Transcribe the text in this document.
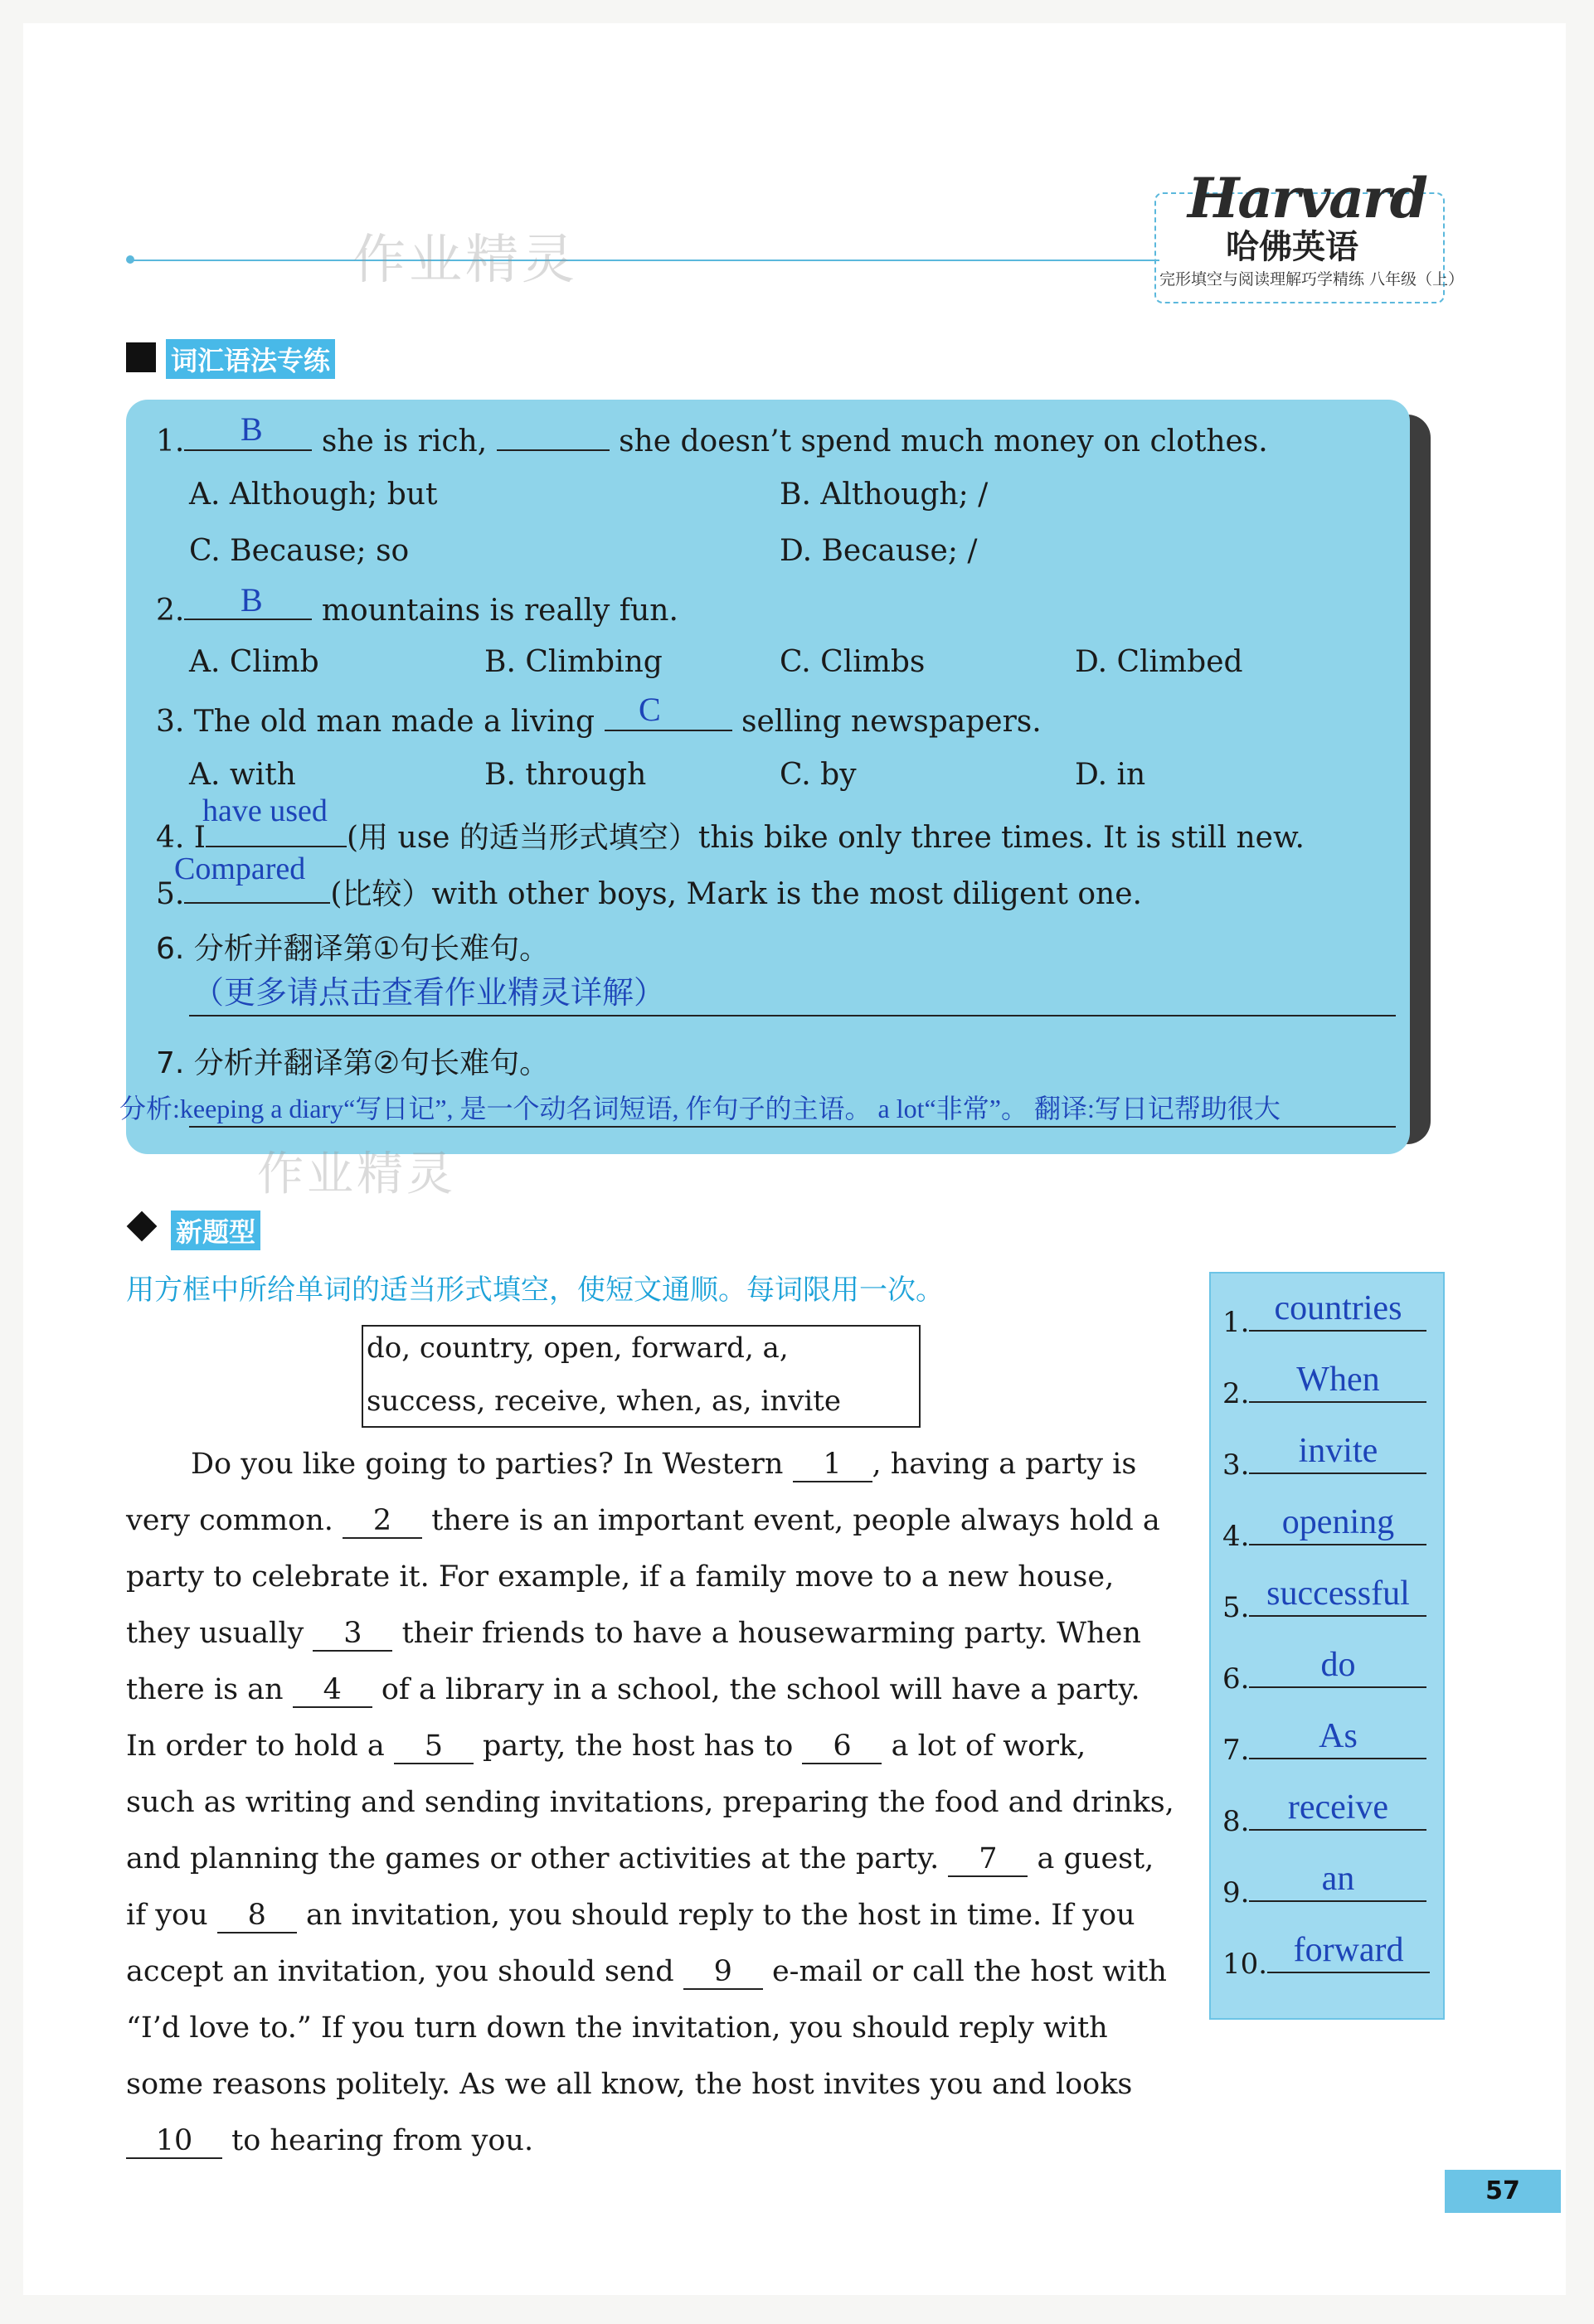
作业精灵
Harvard
哈佛英语
完形填空与阅读理解巧学精练 八年级（上）
词汇语法专练
1.	she is rich,	she doesn’t spend much money on clothes.
B
A. Although; but	B. Although; /
C. Because; so	D. Because; /
2.	mountains is really fun.
B
A. Climb	B. Climbing	C. Climbs	D. Climbed
3. The old man made a living	selling newspapers.
C
A. with	B. through	C. by	D. in
4. I	(用 use 的适当形式填空）this bike only three times. It is still new.
have used
5.	(比较）with other boys, Mark is the most diligent one.
Compared
6. 分析并翻译第①句长难句。
（更多请点击查看作业精灵详解）
7. 分析并翻译第②句长难句。
分析:keeping a diary“写日记”, 是一个动名词短语, 作句子的主语。 a lot“非常”。 翻译:写日记帮助很大
作业精灵
新题型
用方框中所给单词的适当形式填空，使短文通顺。每词限用一次。
do, country, open, forward, a,
success, receive, when, as, invite
Do you like going to parties? In Western 1 , having a party is
very common. 2 there is an important event, people always hold a
party to celebrate it. For example, if a family move to a new house,
they usually 3 their friends to have a housewarming party. When
there is an 4 of a library in a school, the school will have a party.
In order to hold a 5 party, the host has to 6 a lot of work,
such as writing and sending invitations, preparing the food and drinks,
and planning the games or other activities at the party. 7 a guest,
if you 8 an invitation, you should reply to the host in time. If you
accept an invitation, you should send 9 e-mail or call the host with
“I’d love to.” If you turn down the invitation, you should reply with
some reasons politely. As we all know, the host invites you and looks
10 to hearing from you.
1. countries
2.	When
3.	invite
4. opening
5. successful
6.	do
7.	As
8.	receive
9.	an
10. forward
57
